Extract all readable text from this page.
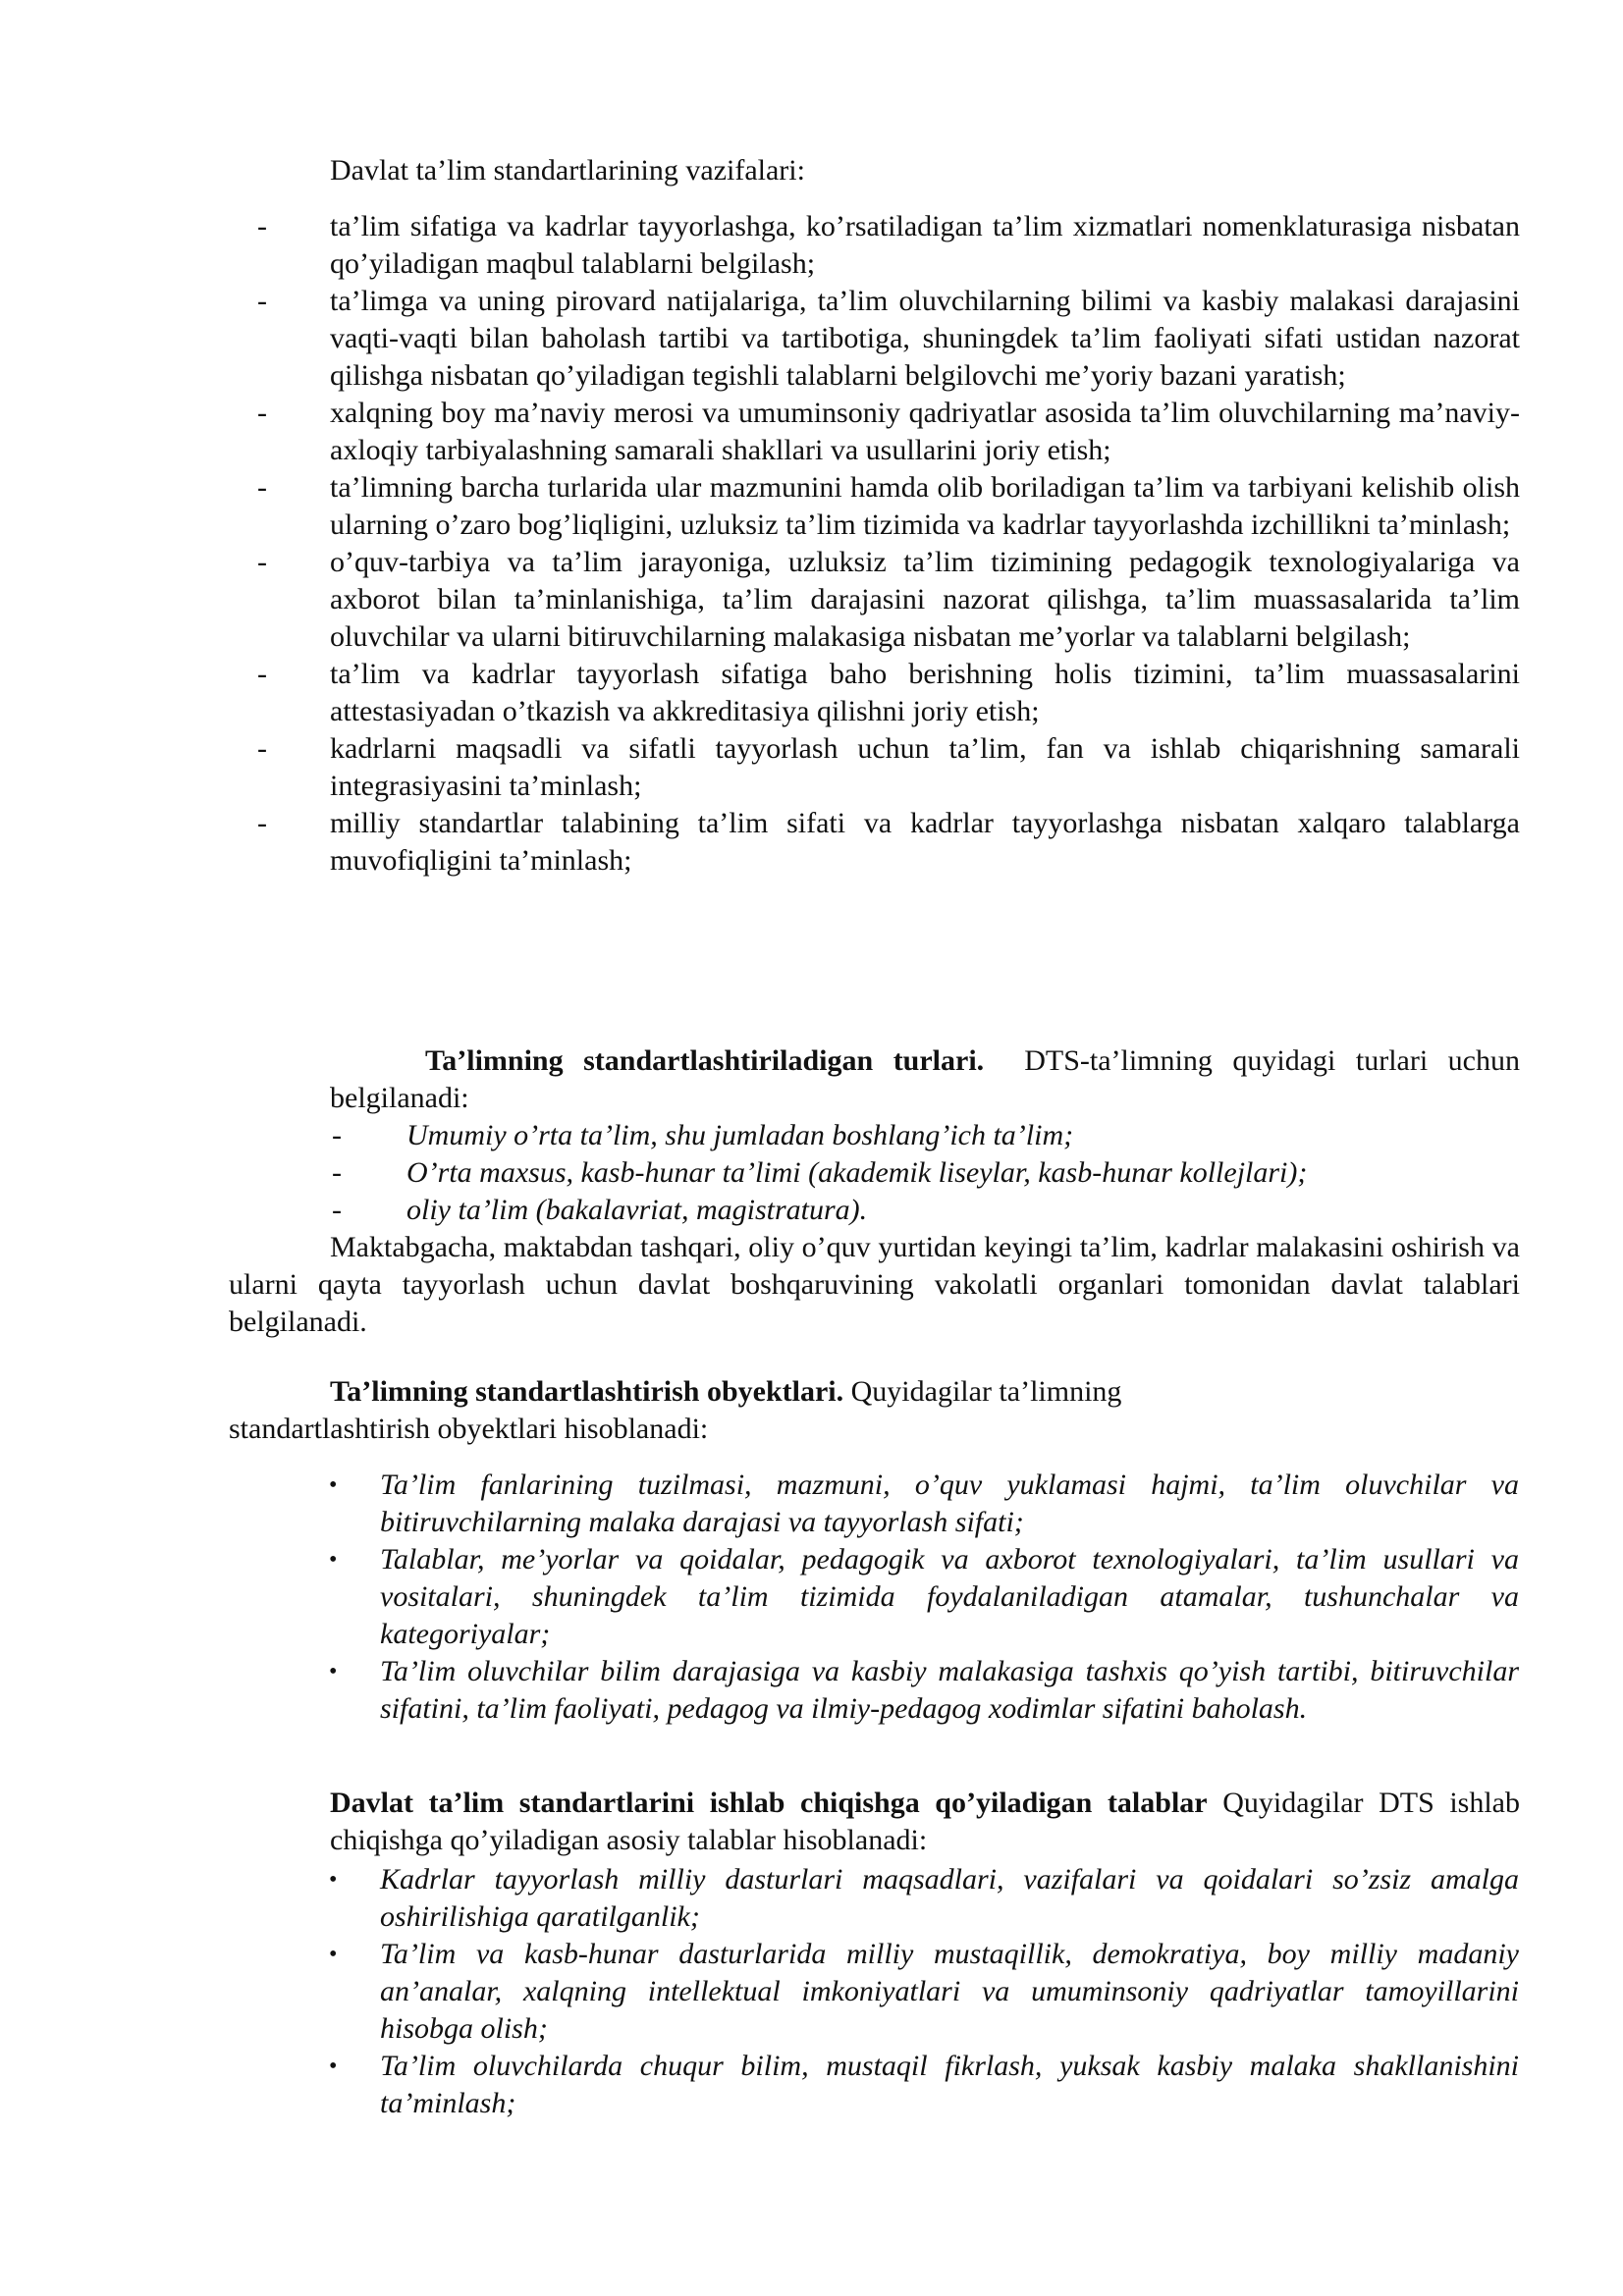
Davlat ta’lim standartlarining vazifalari:

- ta’lim sifatiga va kadrlar tayyorlashga, ko’rsatiladigan ta’lim xizmatlari nomenklaturasiga nisbatan qo’yiladigan maqbul talablarni belgilash;
- ta’limga va uning pirovard natijalariga, ta’lim oluvchilarning bilimi va kasbiy malakasi darajasini vaqti-vaqti bilan baholash tartibi va tartibotiga, shuningdek ta’lim faoliyati sifati ustidan nazorat qilishga nisbatan qo’yiladigan tegishli talablarni belgilovchi me’yoriy bazani yaratish;
- xalqning boy ma’naviy merosi va umuminsoniy qadriyatlar asosida ta’lim oluvchilarning ma’naviy-axloqiy tarbiyalashning samarali shakllari va usullarini joriy etish;
- ta’limning barcha turlarida ular mazmunini hamda olib boriladigan ta’lim va tarbiyani kelishib olish ularning o’zaro bog’liqligini, uzluksiz ta’lim tizimida va kadrlar tayyorlashda izchillikni ta’minlash;
- o’quv-tarbiya va ta’lim jarayoniga, uzluksiz ta’lim tizimining pedagogik texnologiyalariga va axborot bilan ta’minlanishiga, ta’lim darajasini nazorat qilishga, ta’lim muassasalarida ta’lim oluvchilar va ularni bitiruvchilarning malakasiga nisbatan me’yorlar va talablarni belgilash;
- ta’lim va kadrlar tayyorlash sifatiga baho berishning holis tizimini, ta’lim muassasalarini attestasiyadan o’tkazish va akkreditasiya qilishni joriy etish;
- kadrlarni maqsadli va sifatli tayyorlash uchun ta’lim, fan va ishlab chiqarishning samarali integrasiyasini ta’minlash;
- milliy standartlar talabining ta’lim sifati va kadrlar tayyorlashga nisbatan xalqaro talablarga muvofiqligini ta’minlash;
Ta’limning standartlashtiriladigan turlari. DTS-ta’limning quyidagi turlari uchun belgilanadi:
- Umumiy o’rta ta’lim, shu jumladan boshlang’ich ta’lim;
- O’rta maxsus, kasb-hunar ta’limi (akademik liseylar, kasb-hunar kollejlari);
- oliy ta’lim (bakalavriat, magistratura).

Maktabgacha, maktabdan tashqari, oliy o’quv yurtidan keyingi ta’lim, kadrlar malakasini oshirish va ularni qayta tayyorlash uchun davlat boshqaruvining vakolatli organlari tomonidan davlat talablari belgilanadi.

Ta’limning standartlashtirish obyektlari. Quyidagilar ta’limning
standartlashtirish obyektlari hisoblanadi:
• Ta’lim fanlarining tuzilmasi, mazmuni, o’quv yuklamasi hajmi, ta’lim oluvchilar va bitiruvchilarning malaka darajasi va tayyorlash sifati;
• Talablar, me’yorlar va qoidalar, pedagogik va axborot texnologiyalari, ta’lim usullari va vositalari, shuningdek ta’lim tizimida foydalaniladigan atamalar, tushunchalar va kategoriyalar;
• Ta’lim oluvchilar bilim darajasiga va kasbiy malakasiga tashxis qo’yish tartibi, bitiruvchilar sifatini, ta’lim faoliyati, pedagog va ilmiy-pedagog xodimlar sifatini baholash.
Davlat ta’lim standartlarini ishlab chiqishga qo’yiladigan talablar Quyidagilar DTS ishlab chiqishga qo’yiladigan asosiy talablar hisoblanadi:
• Kadrlar tayyorlash milliy dasturlari maqsadlari, vazifalari va qoidalari so’zsiz amalga oshirilishiga qaratilganlik;
• Ta’lim va kasb-hunar dasturlarida milliy mustaqillik, demokratiya, boy milliy madaniy an’analar, xalqning intellektual imkoniyatlari va umuminsoniy qadriyatlar tamoyillarini hisobga olish;
• Ta’lim oluvchilarda chuqur bilim, mustaqil fikrlash, yuksak kasbiy malaka shakllanishini ta’minlash;
